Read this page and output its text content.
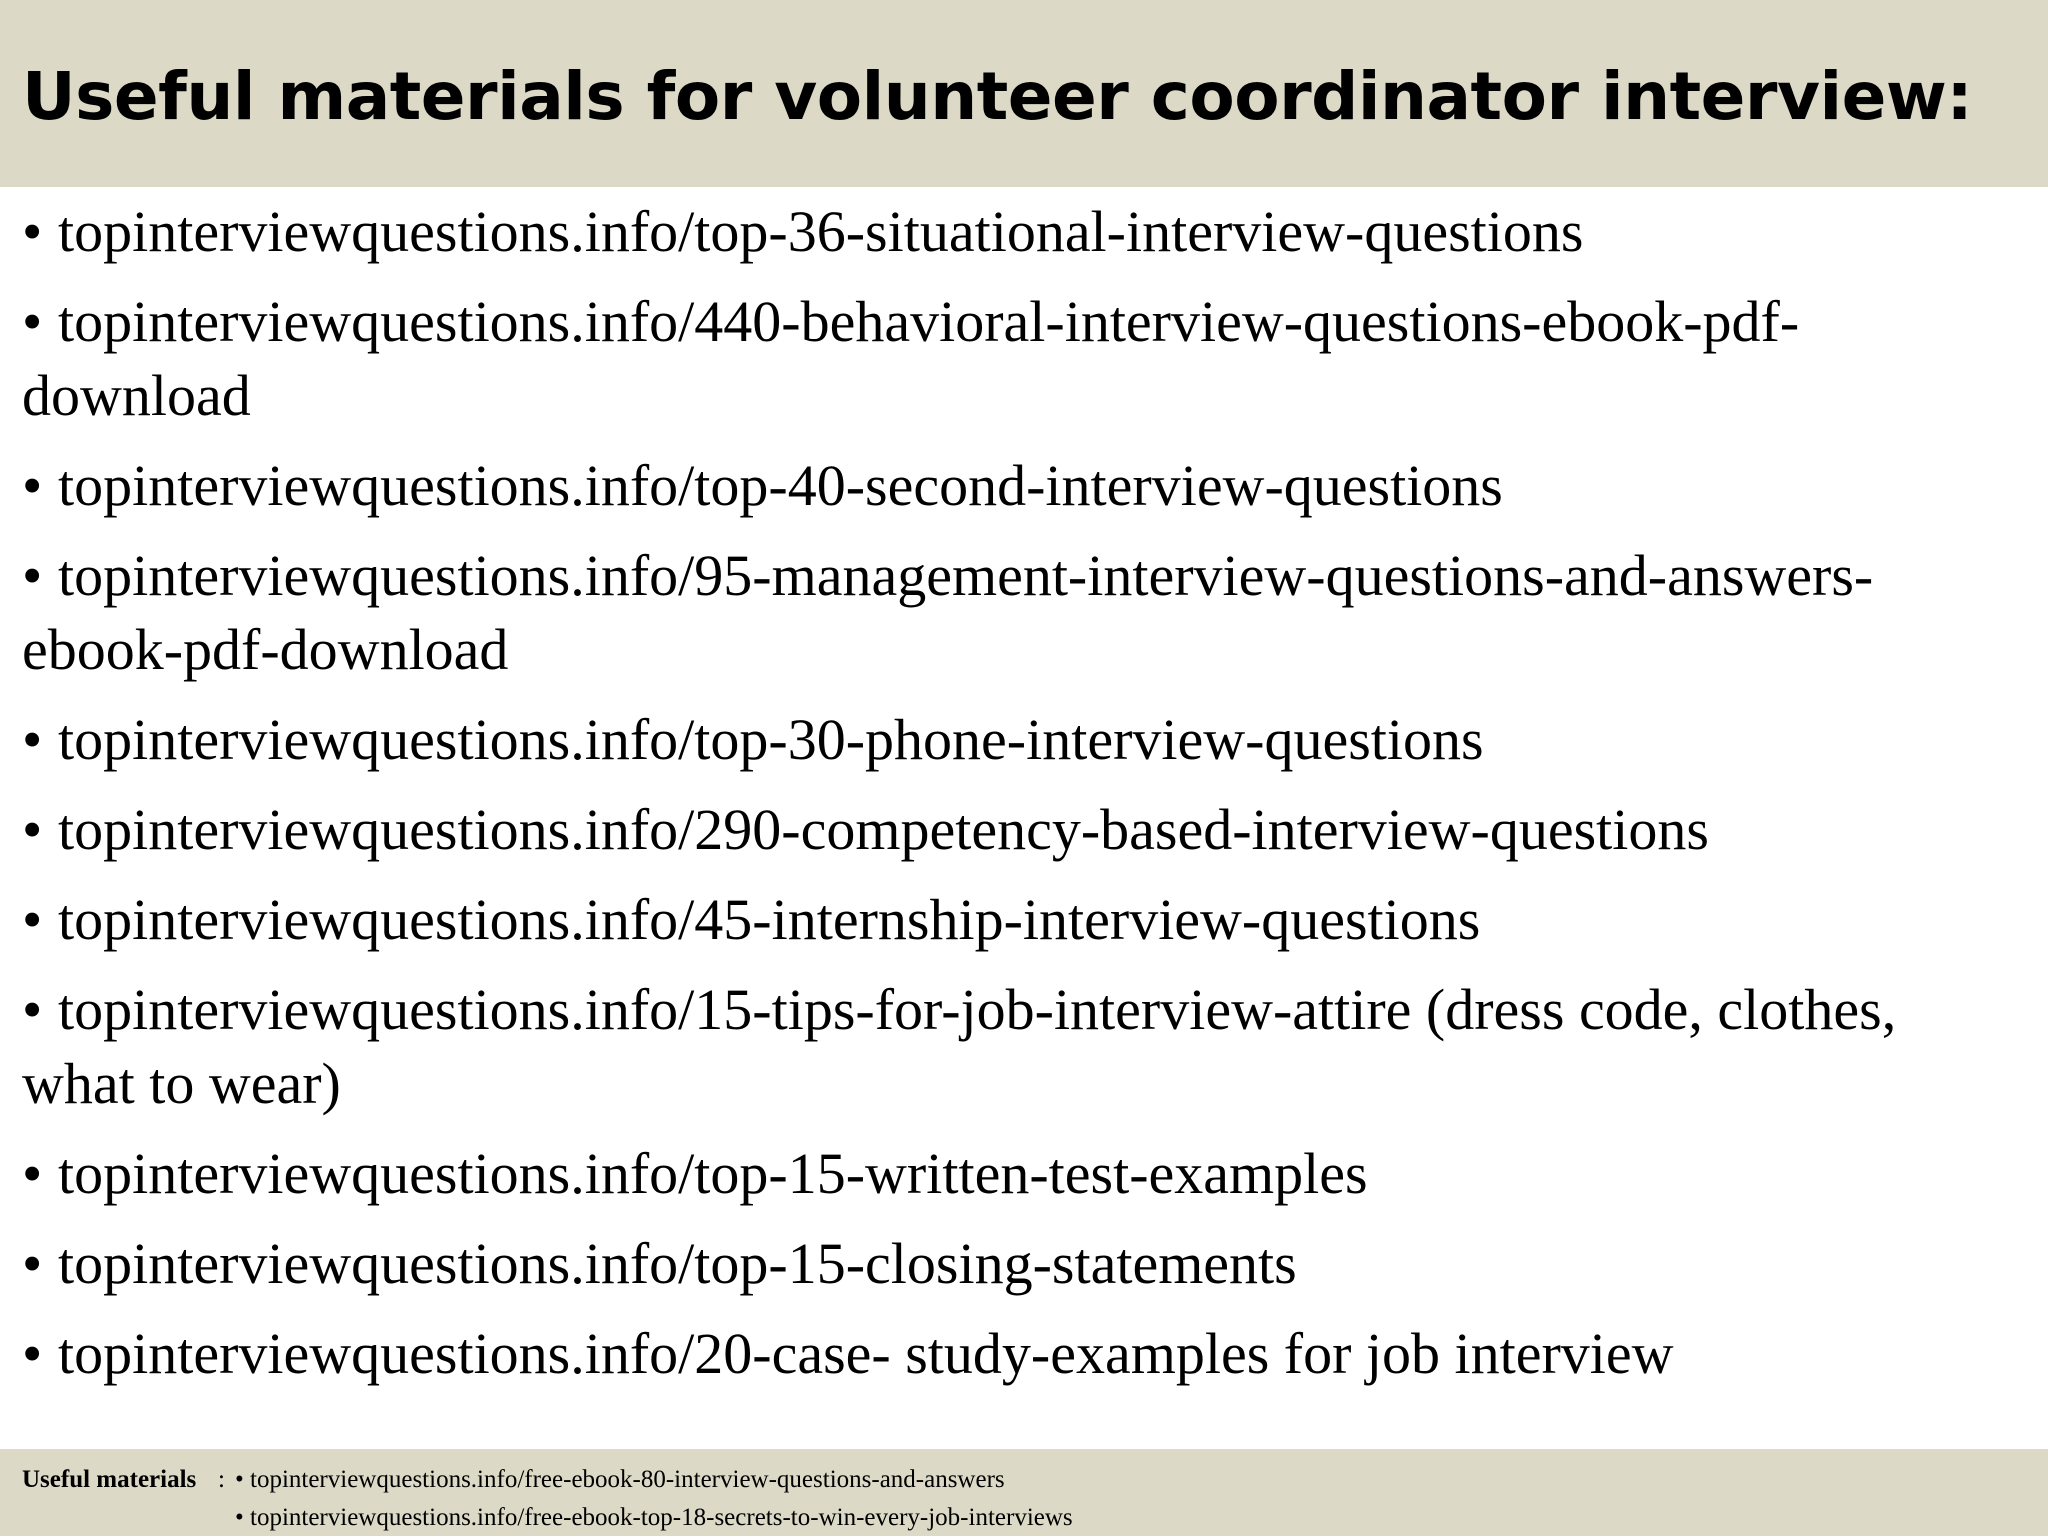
Useful materials for volunteer coordinator interview:
• topinterviewquestions.info/top-36-situational-interview-questions
• topinterviewquestions.info/440-behavioral-interview-questions-ebook-pdf-download
• topinterviewquestions.info/top-40-second-interview-questions
• topinterviewquestions.info/95-management-interview-questions-and-answers-ebook-pdf-download
• topinterviewquestions.info/top-30-phone-interview-questions
• topinterviewquestions.info/290-competency-based-interview-questions
• topinterviewquestions.info/45-internship-interview-questions
• topinterviewquestions.info/15-tips-for-job-interview-attire (dress code, clothes, what to wear)
• topinterviewquestions.info/top-15-written-test-examples
• topinterviewquestions.info/top-15-closing-statements
• topinterviewquestions.info/20-case- study-examples for job interview
Useful materials : • topinterviewquestions.info/free-ebook-80-interview-questions-and-answers
• topinterviewquestions.info/free-ebook-top-18-secrets-to-win-every-job-interviews
